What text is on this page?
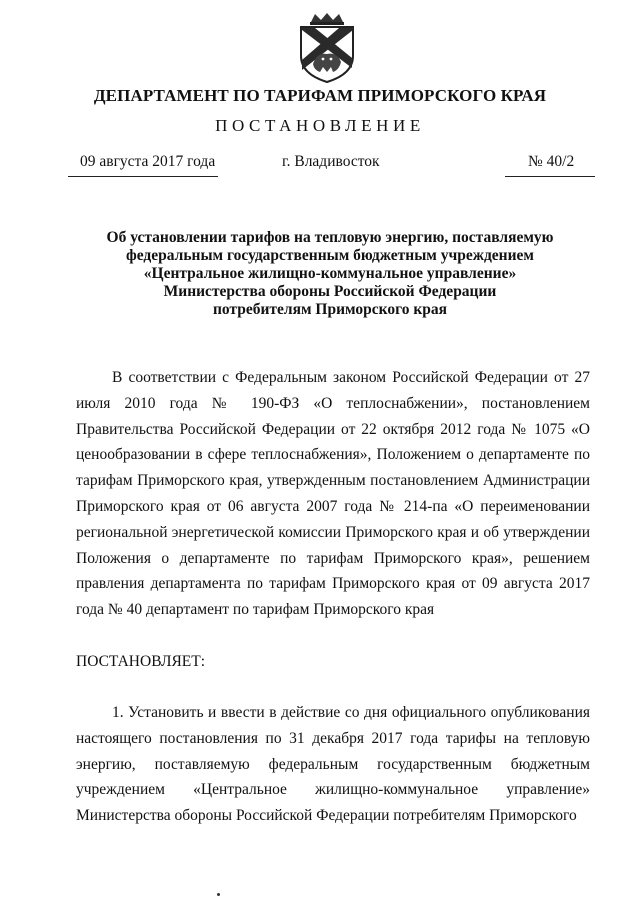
ДЕПАРТАМЕНТ ПО ТАРИФАМ ПРИМОРСКОГО КРАЯ
ПОСТАНОВЛЕНИЕ
09 августа 2017 года	г. Владивосток	№ 40/2
Об установлении тарифов на тепловую энергию, поставляемую
федеральным государственным бюджетным учреждением
«Центральное жилищно-коммунальное управление»
Министерства обороны Российской Федерации
потребителям Приморского края

В соответствии с Федеральным законом Российской Федерации от 27 июля 2010 года № 190-ФЗ «О теплоснабжении», постановлением Правительства Российской Федерации от 22 октября 2012 года № 1075 «О ценообразовании в сфере теплоснабжения», Положением о департаменте по тарифам Приморского края, утвержденным постановлением Администрации Приморского края от 06 августа 2007 года № 214-па «О переименовании региональной энергетической комиссии Приморского края и об утверждении Положения о департаменте по тарифам Приморского края», решением правления департамента по тарифам Приморского края от 09 августа 2017 года № 40 департамент по тарифам Приморского края

ПОСТАНОВЛЯЕТ:

1. Установить и ввести в действие со дня официального опубликования настоящего постановления по 31 декабря 2017 года тарифы на тепловую энергию, поставляемую федеральным государственным бюджетным учреждением «Центральное жилищно-коммунальное управление» Министерства обороны Российской Федерации потребителям Приморского
